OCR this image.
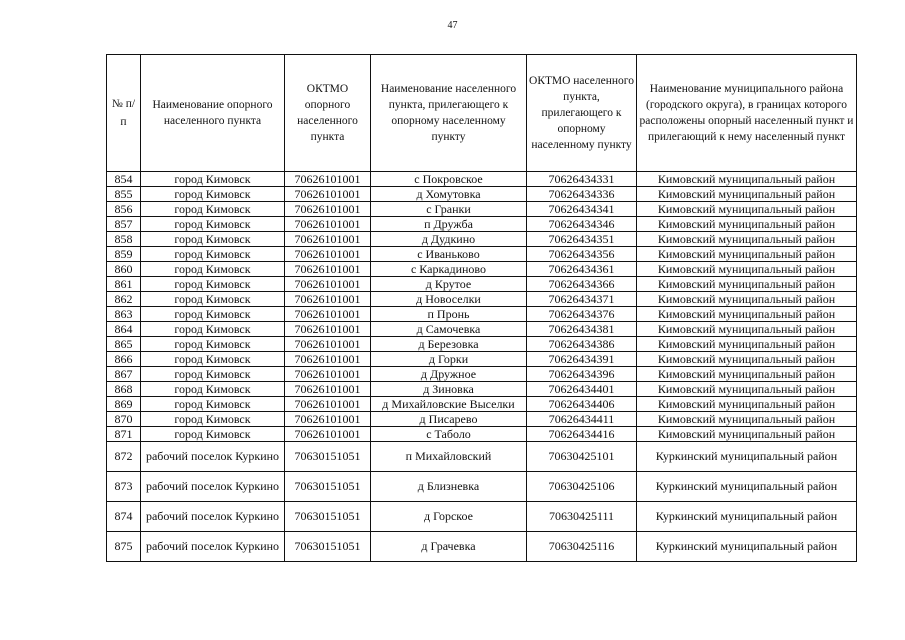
47
№ п/п	Наименование опорного населенного пункта	ОКТМО опорного населенного пункта	Наименование населенного пункта, прилегающего к опорному населенному пункту	ОКТМО населенного пункта, прилегающего к опорному населенному пункту	Наименование муниципального района (городского округа), в границах которого расположены опорный населенный пункт и прилегающий к нему населенный пункт
854	город Кимовск	70626101001	с Покровское	70626434331	Кимовский муниципальный район
855	город Кимовск	70626101001	д Хомутовка	70626434336	Кимовский муниципальный район
856	город Кимовск	70626101001	с Гранки	70626434341	Кимовский муниципальный район
857	город Кимовск	70626101001	п Дружба	70626434346	Кимовский муниципальный район
858	город Кимовск	70626101001	д Дудкино	70626434351	Кимовский муниципальный район
859	город Кимовск	70626101001	с Иваньково	70626434356	Кимовский муниципальный район
860	город Кимовск	70626101001	с Каркадиново	70626434361	Кимовский муниципальный район
861	город Кимовск	70626101001	д Крутое	70626434366	Кимовский муниципальный район
862	город Кимовск	70626101001	д Новоселки	70626434371	Кимовский муниципальный район
863	город Кимовск	70626101001	п Пронь	70626434376	Кимовский муниципальный район
864	город Кимовск	70626101001	д Самочевка	70626434381	Кимовский муниципальный район
865	город Кимовск	70626101001	д Березовка	70626434386	Кимовский муниципальный район
866	город Кимовск	70626101001	д Горки	70626434391	Кимовский муниципальный район
867	город Кимовск	70626101001	д Дружное	70626434396	Кимовский муниципальный район
868	город Кимовск	70626101001	д Зиновка	70626434401	Кимовский муниципальный район
869	город Кимовск	70626101001	д Михайловские Выселки	70626434406	Кимовский муниципальный район
870	город Кимовск	70626101001	д Писарево	70626434411	Кимовский муниципальный район
871	город Кимовск	70626101001	с Таболо	70626434416	Кимовский муниципальный район
872	рабочий поселок Куркино	70630151051	п Михайловский	70630425101	Куркинский муниципальный район
873	рабочий поселок Куркино	70630151051	д Близневка	70630425106	Куркинский муниципальный район
874	рабочий поселок Куркино	70630151051	д Горское	70630425111	Куркинский муниципальный район
875	рабочий поселок Куркино	70630151051	д Грачевка	70630425116	Куркинский муниципальный район
